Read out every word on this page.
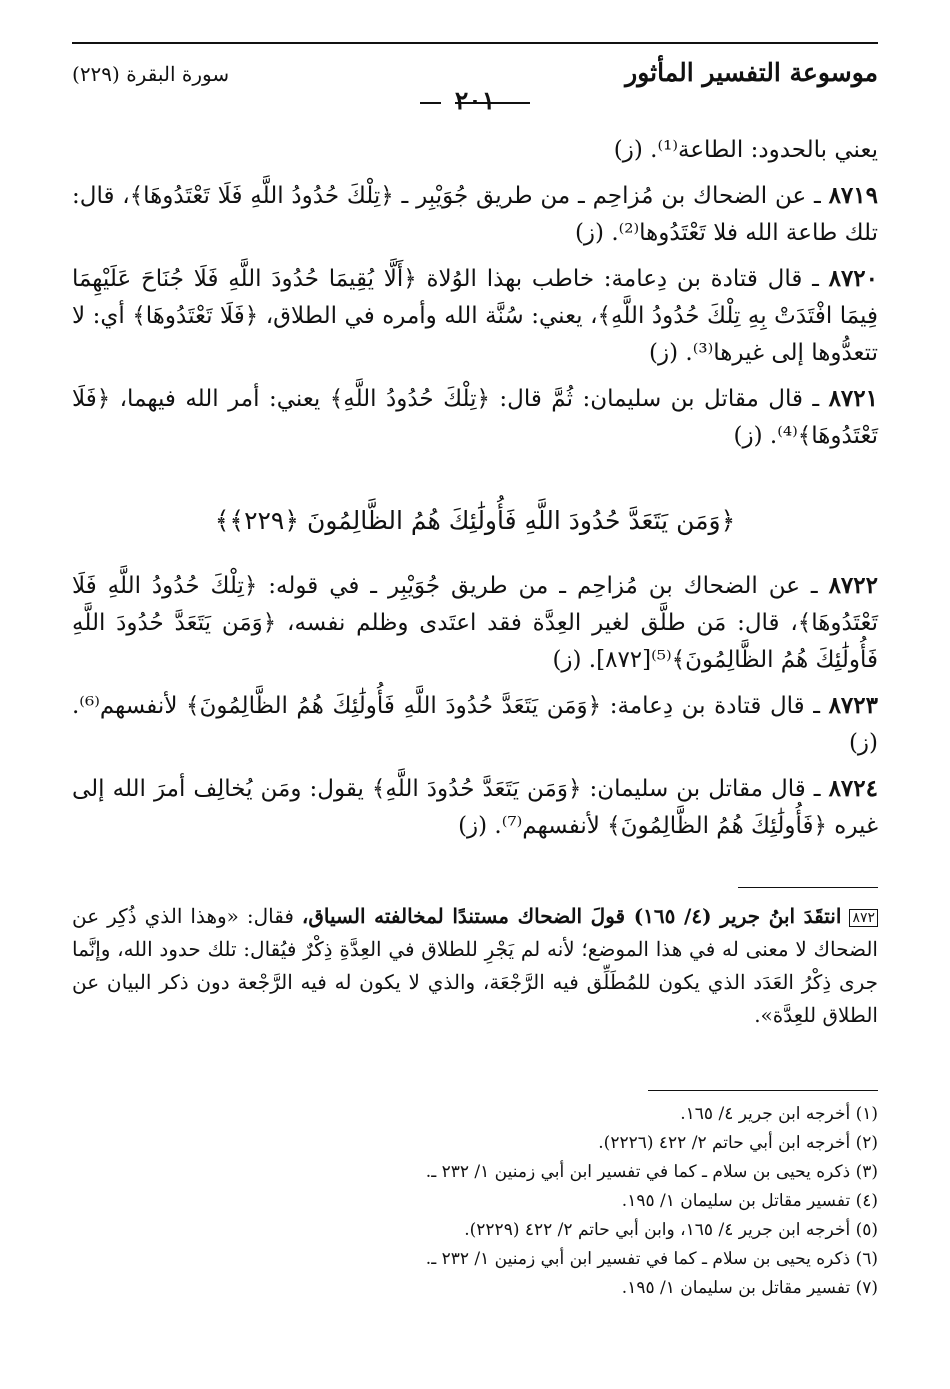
موسوعة التفسير المأثور
سورة البقرة (٢٢٩)
٢٠١

يعني بالحدود: الطاعة⁽¹⁾. (ز)

٨٧١٩ ـ عن الضحاك بن مُزاحِم ـ من طريق جُوَيْبِر ـ ﴿تِلْكَ حُدُودُ اللَّهِ فَلَا تَعْتَدُوهَا﴾، قال: تلك طاعة الله فلا تَعْتَدُوها⁽²⁾. (ز)

٨٧٢٠ ـ قال قتادة بن دِعامة: خاطب بهذا الوُلاة ﴿أَلَّا يُقِيمَا حُدُودَ اللَّهِ فَلَا جُنَاحَ عَلَيْهِمَا فِيمَا افْتَدَتْ بِهِ تِلْكَ حُدُودُ اللَّهِ﴾، يعني: سُنَّة الله وأمره في الطلاق، ﴿فَلَا تَعْتَدُوهَا﴾ أي: لا تتعدُّوها إلى غيرها⁽³⁾. (ز)

٨٧٢١ ـ قال مقاتل بن سليمان: ثُمَّ قال: ﴿تِلْكَ حُدُودُ اللَّهِ﴾ يعني: أمر الله فيهما، ﴿فَلَا تَعْتَدُوهَا﴾⁽⁴⁾. (ز)

﴿وَمَن يَتَعَدَّ حُدُودَ اللَّهِ فَأُولَٰئِكَ هُمُ الظَّالِمُونَ ﴿٢٢٩﴾﴾

٨٧٢٢ ـ عن الضحاك بن مُزاحِم ـ من طريق جُوَيْبِر ـ في قوله: ﴿تِلْكَ حُدُودُ اللَّهِ فَلَا تَعْتَدُوهَا﴾، قال: مَن طلَّق لغير العِدَّة فقد اعتَدى وظلم نفسه، ﴿وَمَن يَتَعَدَّ حُدُودَ اللَّهِ فَأُولَٰئِكَ هُمُ الظَّالِمُونَ﴾⁽⁵⁾[٨٧٢]. (ز)

٨٧٢٣ ـ قال قتادة بن دِعامة: ﴿وَمَن يَتَعَدَّ حُدُودَ اللَّهِ فَأُولَٰئِكَ هُمُ الظَّالِمُونَ﴾ لأنفسهم⁽⁶⁾. (ز)

٨٧٢٤ ـ قال مقاتل بن سليمان: ﴿وَمَن يَتَعَدَّ حُدُودَ اللَّهِ﴾ يقول: ومَن يُخالِف أمرَ الله إلى غيره ﴿فَأُولَٰئِكَ هُمُ الظَّالِمُونَ﴾ لأنفسهم⁽⁷⁾. (ز)

٨٧٢ انتقَدَ ابنُ جرير (٤/ ١٦٥) قولَ الضحاك مستندًا لمخالفته السياق، فقال: «وهذا الذي ذُكِر عن الضحاك لا معنى له في هذا الموضع؛ لأنه لم يَجْرِ للطلاق في العِدَّةِ ذِكْرٌ فيُقال: تلك حدود الله، وإنَّما جرى ذِكْرُ العَدَد الذي يكون للمُطَلِّق فيه الرَّجْعَة، والذي لا يكون له فيه الرَّجْعة دون ذكر البيان عن الطلاق للعِدَّة».
(١) أخرجه ابن جرير ٤/ ١٦٥.
(٢) أخرجه ابن أبي حاتم ٢/ ٤٢٢ (٢٢٢٦).
(٣) ذكره يحيى بن سلام ـ كما في تفسير ابن أبي زمنين ١/ ٢٣٢ ـ.
(٤) تفسير مقاتل بن سليمان ١/ ١٩٥.
(٥) أخرجه ابن جرير ٤/ ١٦٥، وابن أبي حاتم ٢/ ٤٢٢ (٢٢٢٩).
(٦) ذكره يحيى بن سلام ـ كما في تفسير ابن أبي زمنين ١/ ٢٣٢ ـ.
(٧) تفسير مقاتل بن سليمان ١/ ١٩٥.
